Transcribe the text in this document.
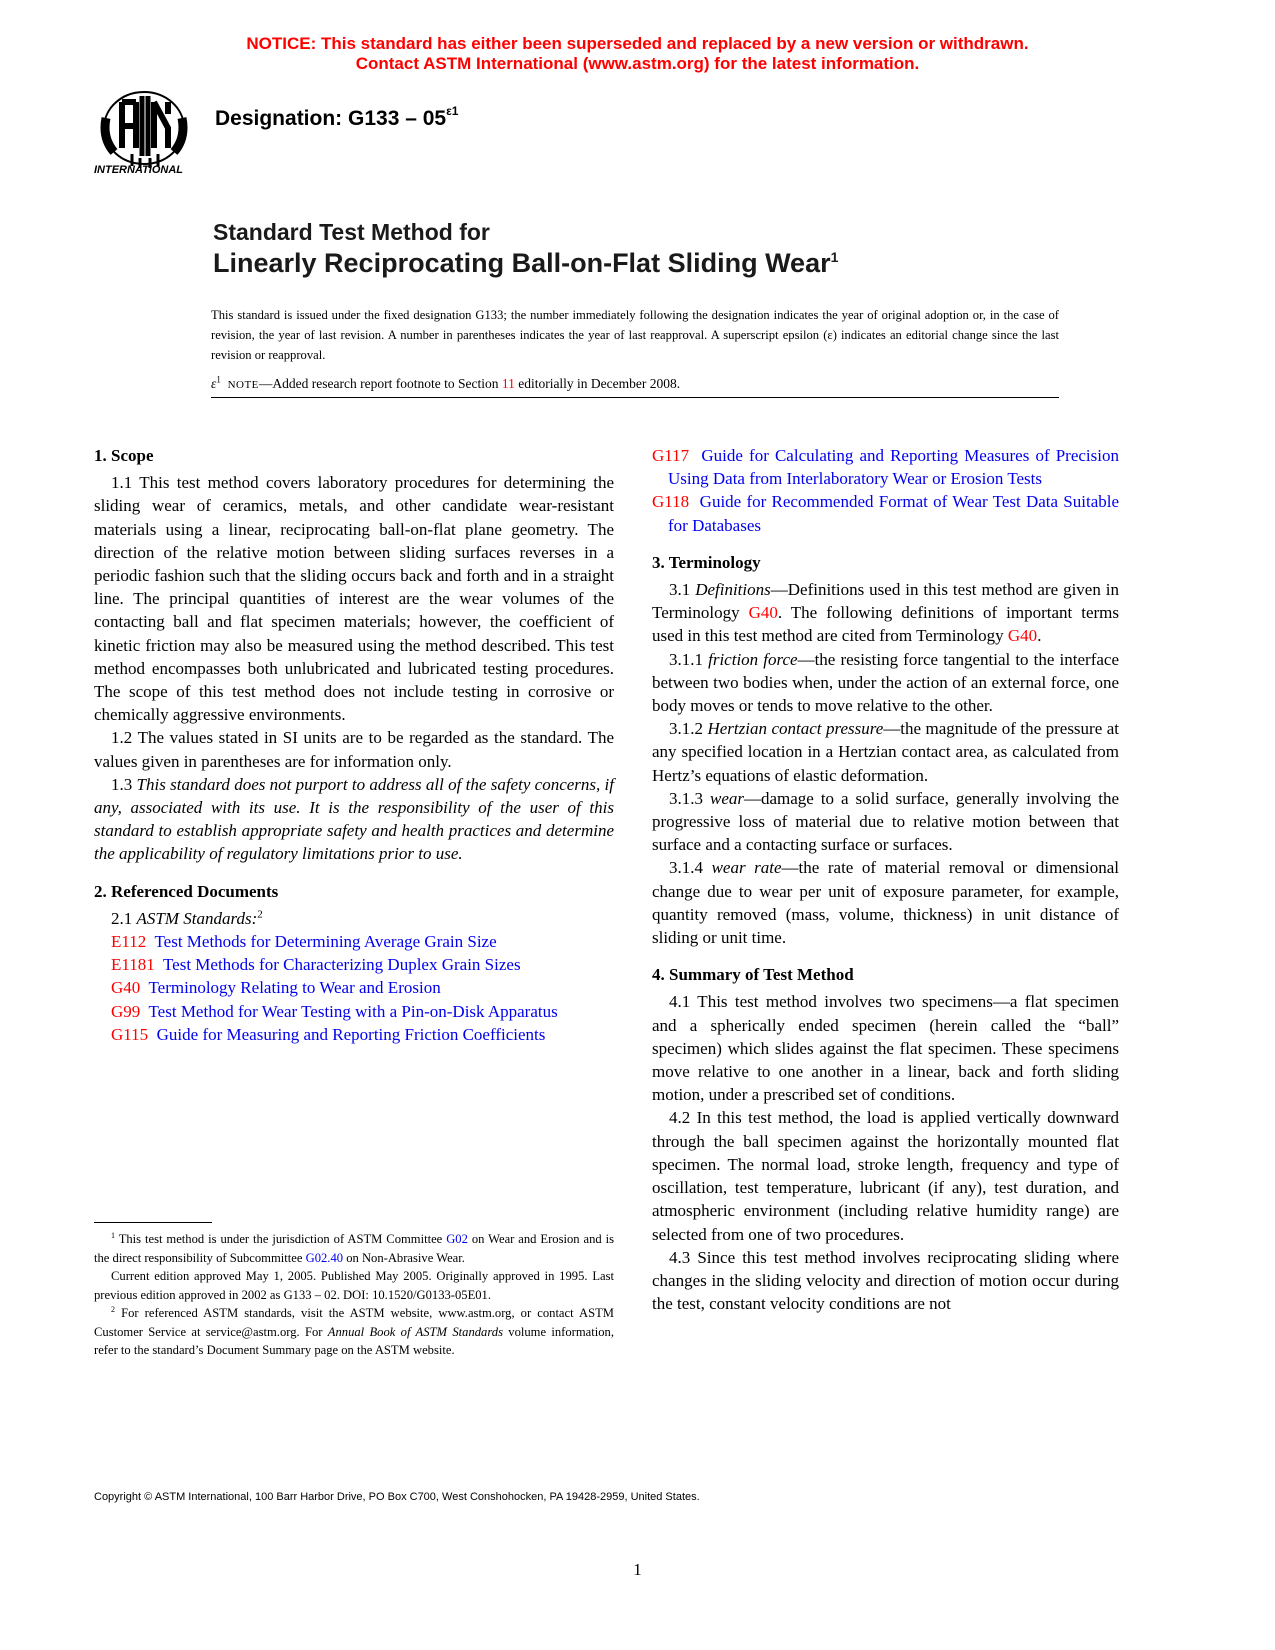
NOTICE: This standard has either been superseded and replaced by a new version or withdrawn.
Contact ASTM International (www.astm.org) for the latest information.
INTERNATIONAL
Designation: $G133 - 05^{\varepsilon 1}$
Standard Test Method for
Linearly Reciprocating Ball-on-Flat Sliding Wear$^1$
This standard is issued under the fixed designation G133; the number immediately following the designation indicates the year of original adoption or, in the case of revision, the year of last revision. A number in parentheses indicates the year of last reapproval. A superscript epsilon (ε) indicates an editorial change since the last revision or reapproval.
$\varepsilon^1$ NOTE—Added research report footnote to Section 11 editorially in December 2008.
1. Scope

1.1 This test method covers laboratory procedures for determining the sliding wear of ceramics, metals, and other candidate wear-resistant materials using a linear, reciprocating ball-on-flat plane geometry. The direction of the relative motion between sliding surfaces reverses in a periodic fashion such that the sliding occurs back and forth and in a straight line. The principal quantities of interest are the wear volumes of the contacting ball and flat specimen materials; however, the coefficient of kinetic friction may also be measured using the method described. This test method encompasses both unlubricated and lubricated testing procedures. The scope of this test method does not include testing in corrosive or chemically aggressive environments.

1.2 The values stated in SI units are to be regarded as the standard. The values given in parentheses are for information only.

1.3 This standard does not purport to address all of the safety concerns, if any, associated with its use. It is the responsibility of the user of this standard to establish appropriate safety and health practices and determine the applicability of regulatory limitations prior to use.

2. Referenced Documents

2.1 ASTM Standards:$^2$

E112 Test Methods for Determining Average Grain Size

E1181 Test Methods for Characterizing Duplex Grain Sizes

G40 Terminology Relating to Wear and Erosion

G99 Test Method for Wear Testing with a Pin-on-Disk Apparatus

G115 Guide for Measuring and Reporting Friction Coefficients

$^1$ This test method is under the jurisdiction of ASTM Committee G02 on Wear and Erosion and is the direct responsibility of Subcommittee G02.40 on Non-Abrasive Wear.

Current edition approved May 1, 2005. Published May 2005. Originally approved in 1995. Last previous edition approved in 2002 as G133 – 02. DOI: 10.1520/G0133-05E01.

$^2$ For referenced ASTM standards, visit the ASTM website, www.astm.org, or contact ASTM Customer Service at service@astm.org. For Annual Book of ASTM Standards volume information, refer to the standard’s Document Summary page on the ASTM website.

G117 Guide for Calculating and Reporting Measures of Precision Using Data from Interlaboratory Wear or Erosion Tests

G118 Guide for Recommended Format of Wear Test Data Suitable for Databases

3. Terminology

3.1 Definitions—Definitions used in this test method are given in Terminology G40. The following definitions of important terms used in this test method are cited from Terminology G40.

3.1.1 friction force—the resisting force tangential to the interface between two bodies when, under the action of an external force, one body moves or tends to move relative to the other.

3.1.2 Hertzian contact pressure—the magnitude of the pressure at any specified location in a Hertzian contact area, as calculated from Hertz’s equations of elastic deformation.

3.1.3 wear—damage to a solid surface, generally involving the progressive loss of material due to relative motion between that surface and a contacting surface or surfaces.

3.1.4 wear rate—the rate of material removal or dimensional change due to wear per unit of exposure parameter, for example, quantity removed (mass, volume, thickness) in unit distance of sliding or unit time.

4. Summary of Test Method

4.1 This test method involves two specimens—a flat specimen and a spherically ended specimen (herein called the “ball” specimen) which slides against the flat specimen. These specimens move relative to one another in a linear, back and forth sliding motion, under a prescribed set of conditions.

4.2 In this test method, the load is applied vertically downward through the ball specimen against the horizontally mounted flat specimen. The normal load, stroke length, frequency and type of oscillation, test temperature, lubricant (if any), test duration, and atmospheric environment (including relative humidity range) are selected from one of two procedures.

4.3 Since this test method involves reciprocating sliding where changes in the sliding velocity and direction of motion occur during the test, constant velocity conditions are not

Copyright © ASTM International, 100 Barr Harbor Drive, PO Box C700, West Conshohocken, PA 19428-2959, United States.
1
